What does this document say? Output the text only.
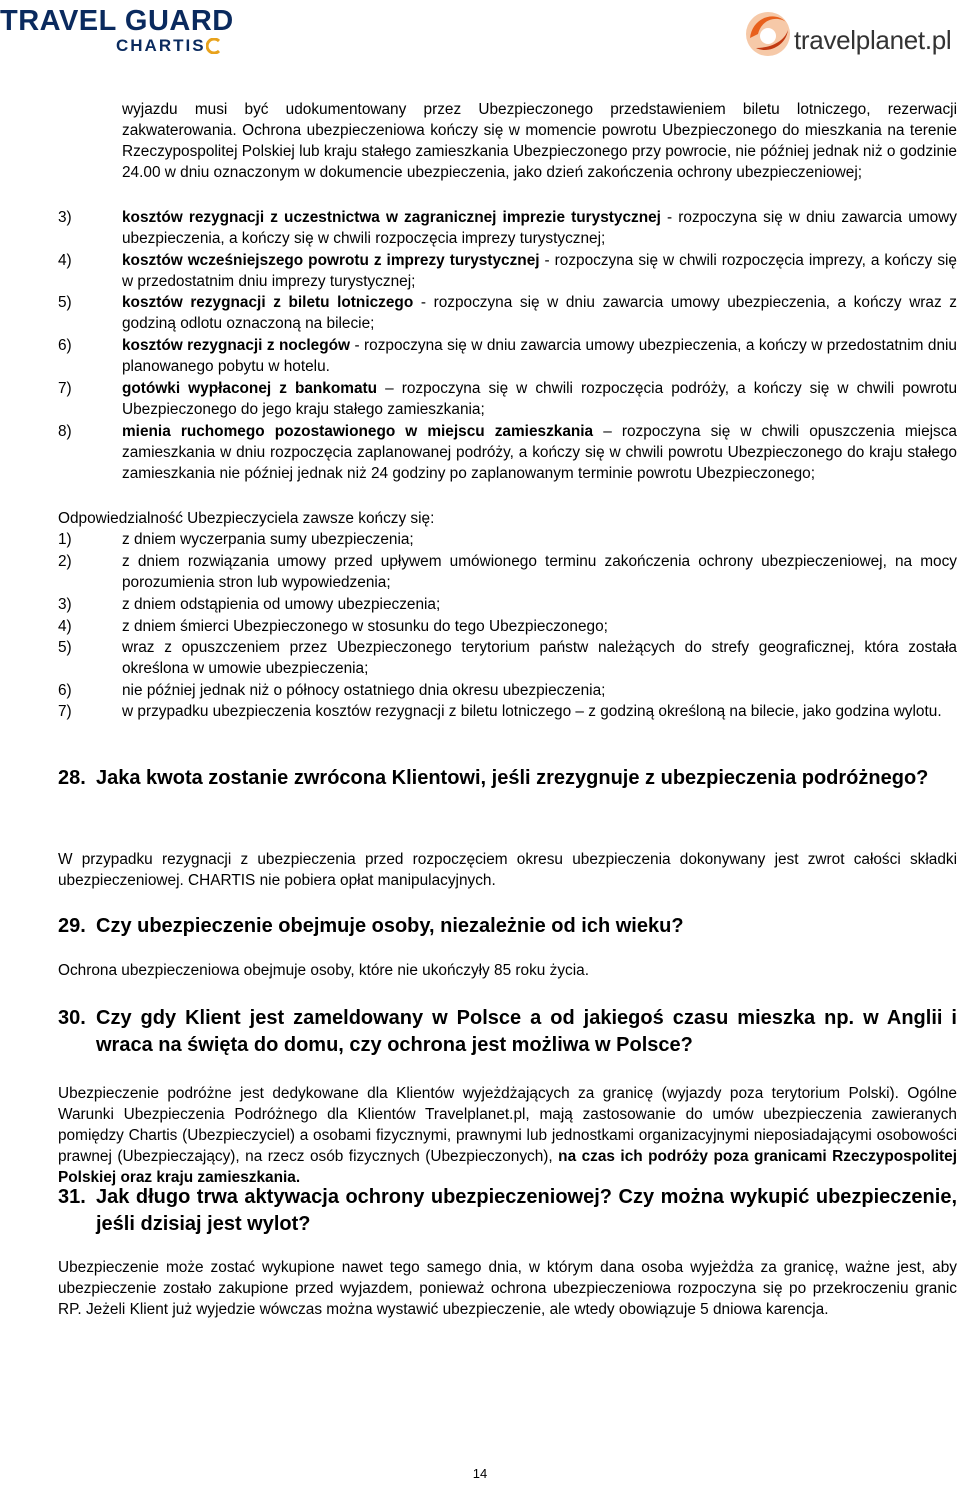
TRAVEL GUARD
CHARTIS	travelplanet.pl
wyjazdu musi być udokumentowany przez Ubezpieczonego przedstawieniem biletu lotniczego, rezerwacji zakwaterowania. Ochrona ubezpieczeniowa kończy się w momencie powrotu Ubezpieczonego do mieszkania na terenie Rzeczypospolitej Polskiej lub kraju stałego zamieszkania Ubezpieczonego przy powrocie, nie później jednak niż o godzinie 24.00 w dniu oznaczonym w dokumencie ubezpieczenia, jako dzień zakończenia ochrony ubezpieczeniowej;
3)	kosztów rezygnacji z uczestnictwa w zagranicznej imprezie turystycznej - rozpoczyna się w dniu zawarcia umowy ubezpieczenia, a kończy się w chwili rozpoczęcia imprezy turystycznej;
4)	kosztów wcześniejszego powrotu z imprezy turystycznej - rozpoczyna się w chwili rozpoczęcia imprezy, a kończy się w przedostatnim dniu imprezy turystycznej;
5)	kosztów rezygnacji z biletu lotniczego - rozpoczyna się w dniu zawarcia umowy ubezpieczenia, a kończy wraz z godziną odlotu oznaczoną na bilecie;
6)	kosztów rezygnacji z noclegów - rozpoczyna się w dniu zawarcia umowy ubezpieczenia, a kończy w przedostatnim dniu planowanego pobytu w hotelu.
7)	gotówki wypłaconej z bankomatu – rozpoczyna się w chwili rozpoczęcia podróży, a kończy się w chwili powrotu Ubezpieczonego do jego kraju stałego zamieszkania;
8)	mienia ruchomego pozostawionego w miejscu zamieszkania – rozpoczyna się w chwili opuszczenia miejsca zamieszkania w dniu rozpoczęcia zaplanowanej podróży, a kończy się w chwili powrotu Ubezpieczonego do kraju stałego zamieszkania nie później jednak niż 24 godziny po zaplanowanym terminie powrotu Ubezpieczonego;
Odpowiedzialność Ubezpieczyciela zawsze kończy się:
1)	z dniem wyczerpania sumy ubezpieczenia;
2)	z dniem rozwiązania umowy przed upływem umówionego terminu zakończenia ochrony ubezpieczeniowej, na mocy porozumienia stron lub wypowiedzenia;
3)	z dniem odstąpienia od umowy ubezpieczenia;
4)	z dniem śmierci Ubezpieczonego w stosunku do tego Ubezpieczonego;
5)	wraz z opuszczeniem przez Ubezpieczonego terytorium państw należących do strefy geograficznej, która została określona w umowie ubezpieczenia;
6)	nie później jednak niż o północy ostatniego dnia okresu ubezpieczenia;
7)	w przypadku ubezpieczenia kosztów rezygnacji z biletu lotniczego – z godziną określoną na bilecie, jako godzina wylotu.
28. Jaka kwota zostanie zwrócona Klientowi, jeśli zrezygnuje z ubezpieczenia podróżnego?
W przypadku rezygnacji z ubezpieczenia przed rozpoczęciem okresu ubezpieczenia dokonywany jest zwrot całości składki ubezpieczeniowej. CHARTIS nie pobiera opłat manipulacyjnych.
29. Czy ubezpieczenie obejmuje osoby, niezależnie od ich wieku?
Ochrona ubezpieczeniowa obejmuje osoby, które nie ukończyły 85 roku życia.
30. Czy gdy Klient jest zameldowany w Polsce a od jakiegoś czasu mieszka np. w Anglii i wraca na święta do domu, czy ochrona jest możliwa w Polsce?
Ubezpieczenie podróżne jest dedykowane dla Klientów wyjeżdżających za granicę (wyjazdy poza terytorium Polski). Ogólne Warunki Ubezpieczenia Podróżnego dla Klientów Travelplanet.pl, mają zastosowanie do umów ubezpieczenia zawieranych pomiędzy Chartis (Ubezpieczyciel) a osobami fizycznymi, prawnymi lub jednostkami organizacyjnymi nieposiadającymi osobowości prawnej (Ubezpieczający), na rzecz osób fizycznych (Ubezpieczonych), na czas ich podróży poza granicami Rzeczypospolitej Polskiej oraz kraju zamieszkania.
31. Jak długo trwa aktywacja ochrony ubezpieczeniowej? Czy można wykupić ubezpieczenie, jeśli dzisiaj jest wylot?
Ubezpieczenie może zostać wykupione nawet tego samego dnia, w którym dana osoba wyjeżdża za granicę, ważne jest, aby ubezpieczenie zostało zakupione przed wyjazdem, ponieważ ochrona ubezpieczeniowa rozpoczyna się po przekroczeniu granic RP. Jeżeli Klient już wyjedzie wówczas można wystawić ubezpieczenie, ale wtedy obowiązuje 5 dniowa karencja.
14
